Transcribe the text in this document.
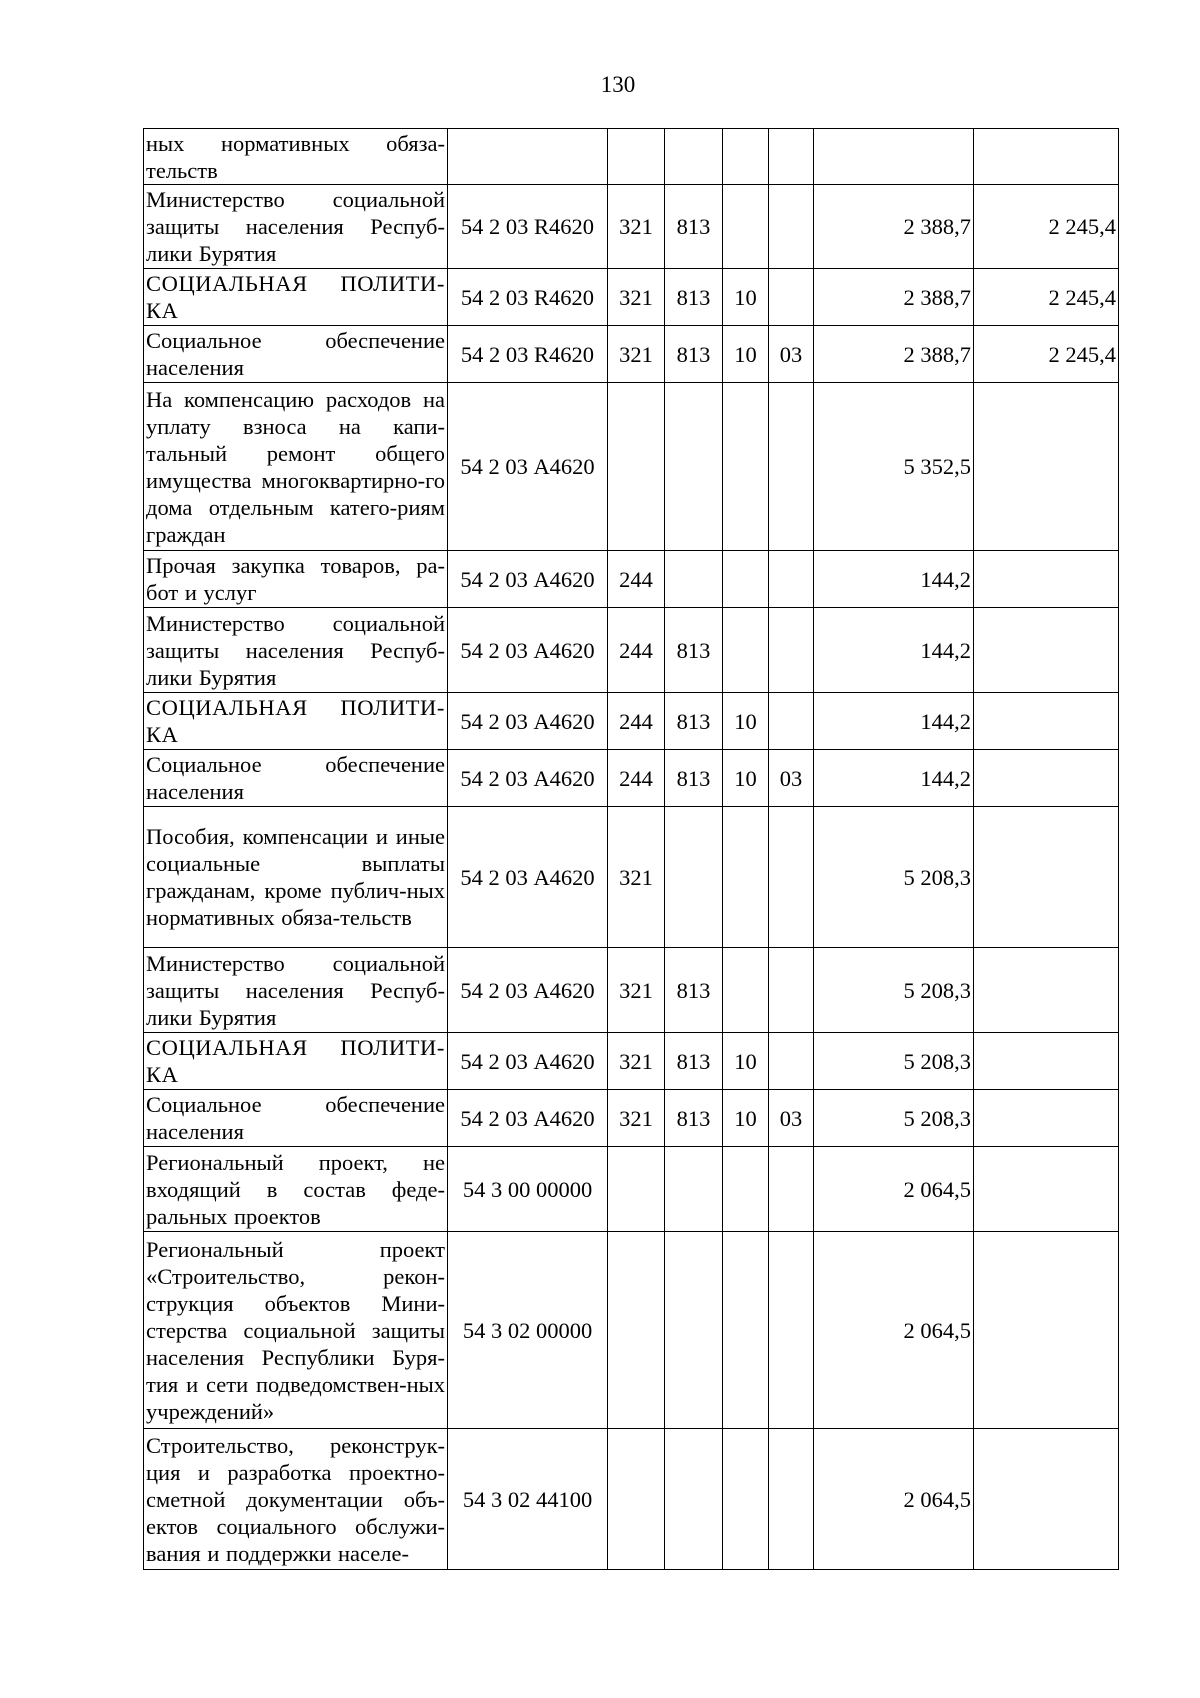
130
ных нормативных обяза-тельств							
Министерство социальной защиты населения Респуб-лики Бурятия	54 2 03 R4620	321	813			2 388,7	2 245,4
СОЦИАЛЬНАЯ ПОЛИТИ-КА	54 2 03 R4620	321	813	10		2 388,7	2 245,4
Социальное обеспечение населения	54 2 03 R4620	321	813	10	03	2 388,7	2 245,4
На компенсацию расходов на уплату взноса на капи-тальный ремонт общего имущества многоквартирно-го дома отдельным катего-риям граждан	54 2 03 А4620					5 352,5	
Прочая закупка товаров, ра-бот и услуг	54 2 03 А4620	244				144,2	
Министерство социальной защиты населения Респуб-лики Бурятия	54 2 03 А4620	244	813			144,2	
СОЦИАЛЬНАЯ ПОЛИТИ-КА	54 2 03 А4620	244	813	10		144,2	
Социальное обеспечение населения	54 2 03 А4620	244	813	10	03	144,2	
Пособия, компенсации и иные социальные выплаты гражданам, кроме публич-ных нормативных обяза-тельств	54 2 03 А4620	321				5 208,3	
Министерство социальной защиты населения Респуб-лики Бурятия	54 2 03 А4620	321	813			5 208,3	
СОЦИАЛЬНАЯ ПОЛИТИ-КА	54 2 03 А4620	321	813	10		5 208,3	
Социальное обеспечение населения	54 2 03 А4620	321	813	10	03	5 208,3	
Региональный проект, не входящий в состав феде-ральных проектов	54 3 00 00000					2 064,5	
Региональный проект «Строительство, рекон-струкция объектов Мини-стерства социальной защиты населения Республики Буря-тия и сети подведомствен-ных учреждений»	54 3 02 00000					2 064,5	
Строительство, реконструк-ция и разработка проектно-сметной документации объ-ектов социального обслужи-вания и поддержки населе-	54 3 02 44100					2 064,5	
